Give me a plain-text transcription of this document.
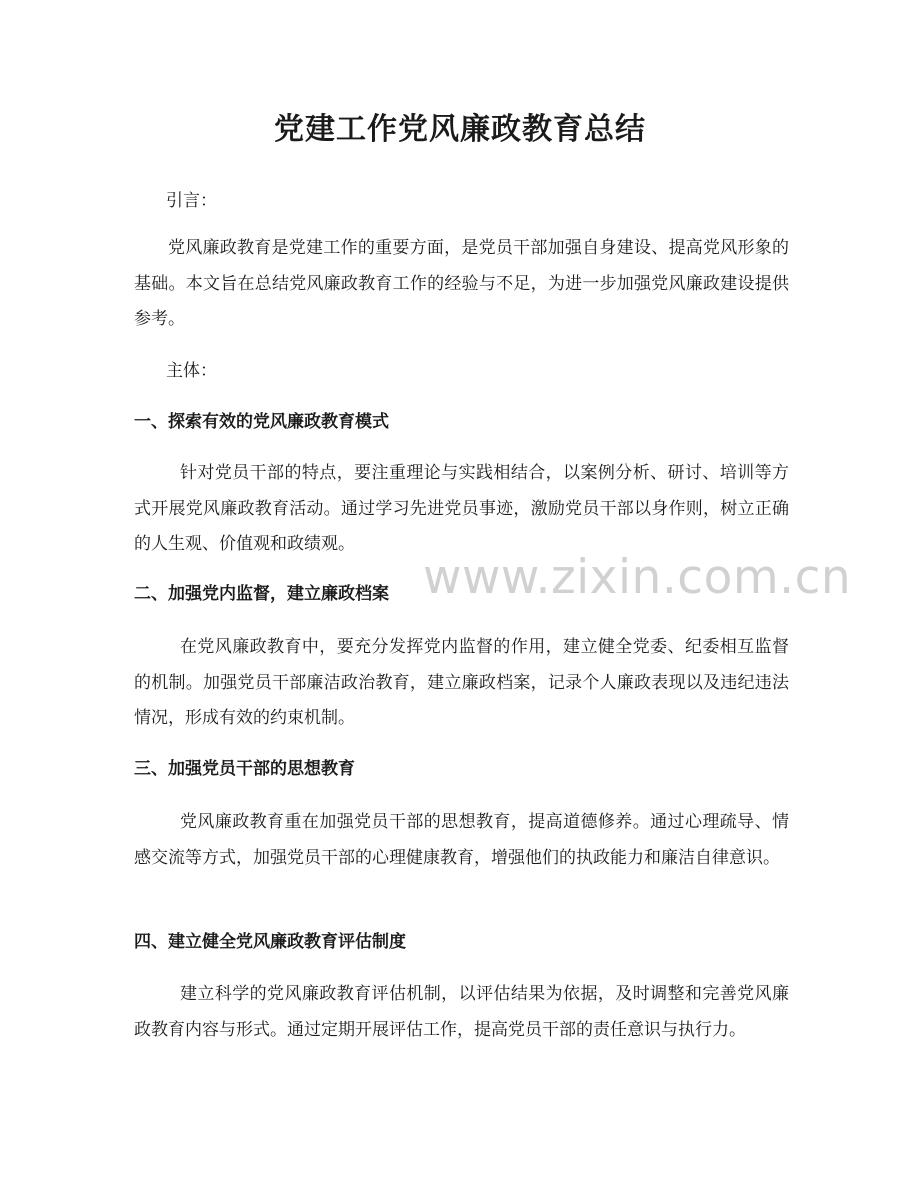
党建工作党风廉政教育总结

引言：

党风廉政教育是党建工作的重要方面，是党员干部加强自身建设、提高党风形象的基础。本文旨在总结党风廉政教育工作的经验与不足，为进一步加强党风廉政建设提供参考。

主体：

一、探索有效的党风廉政教育模式

针对党员干部的特点，要注重理论与实践相结合，以案例分析、研讨、培训等方式开展党风廉政教育活动。通过学习先进党员事迹，激励党员干部以身作则，树立正确的人生观、价值观和政绩观。

二、加强党内监督，建立廉政档案

在党风廉政教育中，要充分发挥党内监督的作用，建立健全党委、纪委相互监督的机制。加强党员干部廉洁政治教育，建立廉政档案，记录个人廉政表现以及违纪违法情况，形成有效的约束机制。

三、加强党员干部的思想教育

党风廉政教育重在加强党员干部的思想教育，提高道德修养。通过心理疏导、情感交流等方式，加强党员干部的心理健康教育，增强他们的执政能力和廉洁自律意识。

四、建立健全党风廉政教育评估制度

建立科学的党风廉政教育评估机制，以评估结果为依据，及时调整和完善党风廉政教育内容与形式。通过定期开展评估工作，提高党员干部的责任意识与执行力。

www.zixin.com.cn
